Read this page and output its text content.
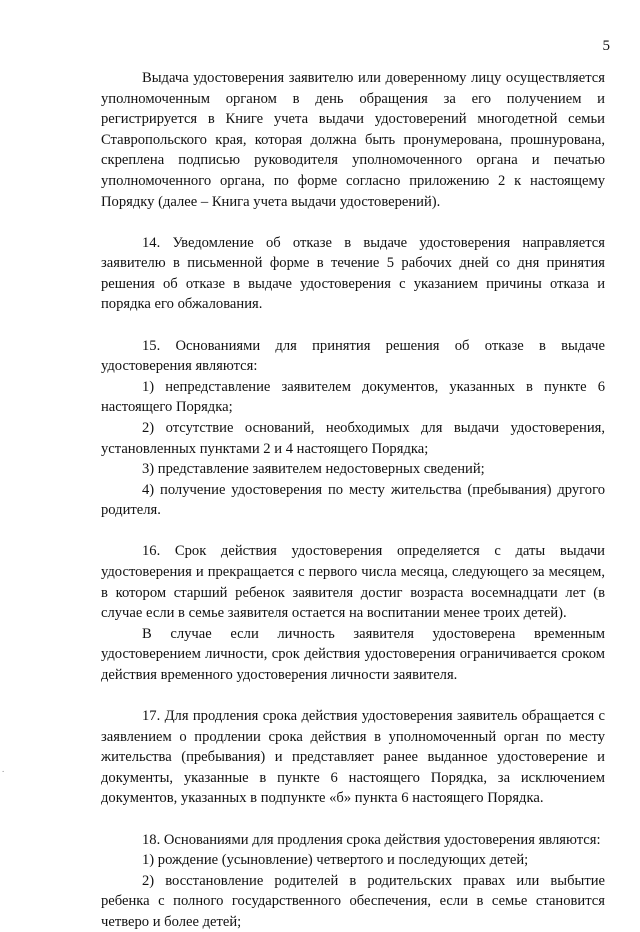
5
.

Выдача удостоверения заявителю или доверенному лицу осуществляется уполномоченным органом в день обращения за его получением и регистрируется в Книге учета выдачи удостоверений многодетной семьи Ставропольского края, которая должна быть пронумерована, прошнурована, скреплена подписью руководителя уполномоченного органа и печатью уполномоченного органа, по форме согласно приложению 2 к настоящему Порядку (далее – Книга учета выдачи удостоверений).

14. Уведомление об отказе в выдаче удостоверения направляется заявителю в письменной форме в течение 5 рабочих дней со дня принятия решения об отказе в выдаче удостоверения с указанием причины отказа и порядка его обжалования.

15. Основаниями для принятия решения об отказе в выдаче удостоверения являются:

1) непредставление заявителем документов, указанных в пункте 6 настоящего Порядка;

2) отсутствие оснований, необходимых для выдачи удостоверения, установленных пунктами 2 и 4 настоящего Порядка;

3) представление заявителем недостоверных сведений;

4) получение удостоверения по месту жительства (пребывания) другого родителя.

16. Срок действия удостоверения определяется с даты выдачи удостоверения и прекращается с первого числа месяца, следующего за месяцем, в котором старший ребенок заявителя достиг возраста восемнадцати лет (в случае если в семье заявителя остается на воспитании менее троих детей).

В случае если личность заявителя удостоверена временным удостоверением личности, срок действия удостоверения ограничивается сроком действия временного удостоверения личности заявителя.

17. Для продления срока действия удостоверения заявитель обращается с заявлением о продлении срока действия в уполномоченный орган по месту жительства (пребывания) и представляет ранее выданное удостоверение и документы, указанные в пункте 6 настоящего Порядка, за исключением документов, указанных в подпункте «б» пункта 6 настоящего Порядка.

18. Основаниями для продления срока действия удостоверения являются:

1) рождение (усыновление) четвертого и последующих детей;

2) восстановление родителей в родительских правах или выбытие ребенка с полного государственного обеспечения, если в семье становится четверо и более детей;
